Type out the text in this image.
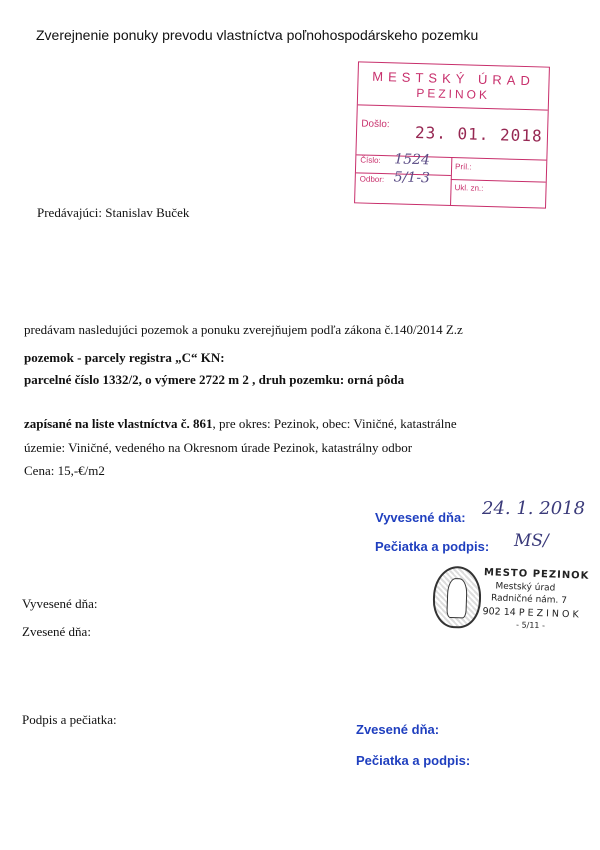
Zverejnenie ponuky prevodu vlastníctva poľnohospodárskeho pozemku
MESTSKÝ ÚRAD
PEZINOK
Došlo: 23. 01. 2018
Číslo: 1524	Príl.:
Odbor: 5/1-3
Ukl. zn.:
Predávajúci: Stanislav Buček
predávam nasledujúci pozemok a ponuku zverejňujem podľa zákona č.140/2014 Z.z
pozemok - parcely registra „C“ KN:
parcelné číslo 1332/2, o výmere 2722 m 2 , druh pozemku: orná pôda
zapísané na liste vlastníctva č. 861, pre okres: Pezinok, obec: Viničné, katastrálne
územie: Viničné, vedeného na Okresnom úrade Pezinok, katastrálny odbor
Cena: 15,-€/m2
Vyvesené dňa: 24. 1. 2018
Pečiatka a podpis: MS/
MESTO PEZINOK
Mestský úrad
Radničné nám. 7
902 14 P E Z I N O K
- 5/11 -
Vyvesené dňa:
Zvesené dňa:
Podpis a pečiatka:
Zvesené dňa:
Pečiatka a podpis:
